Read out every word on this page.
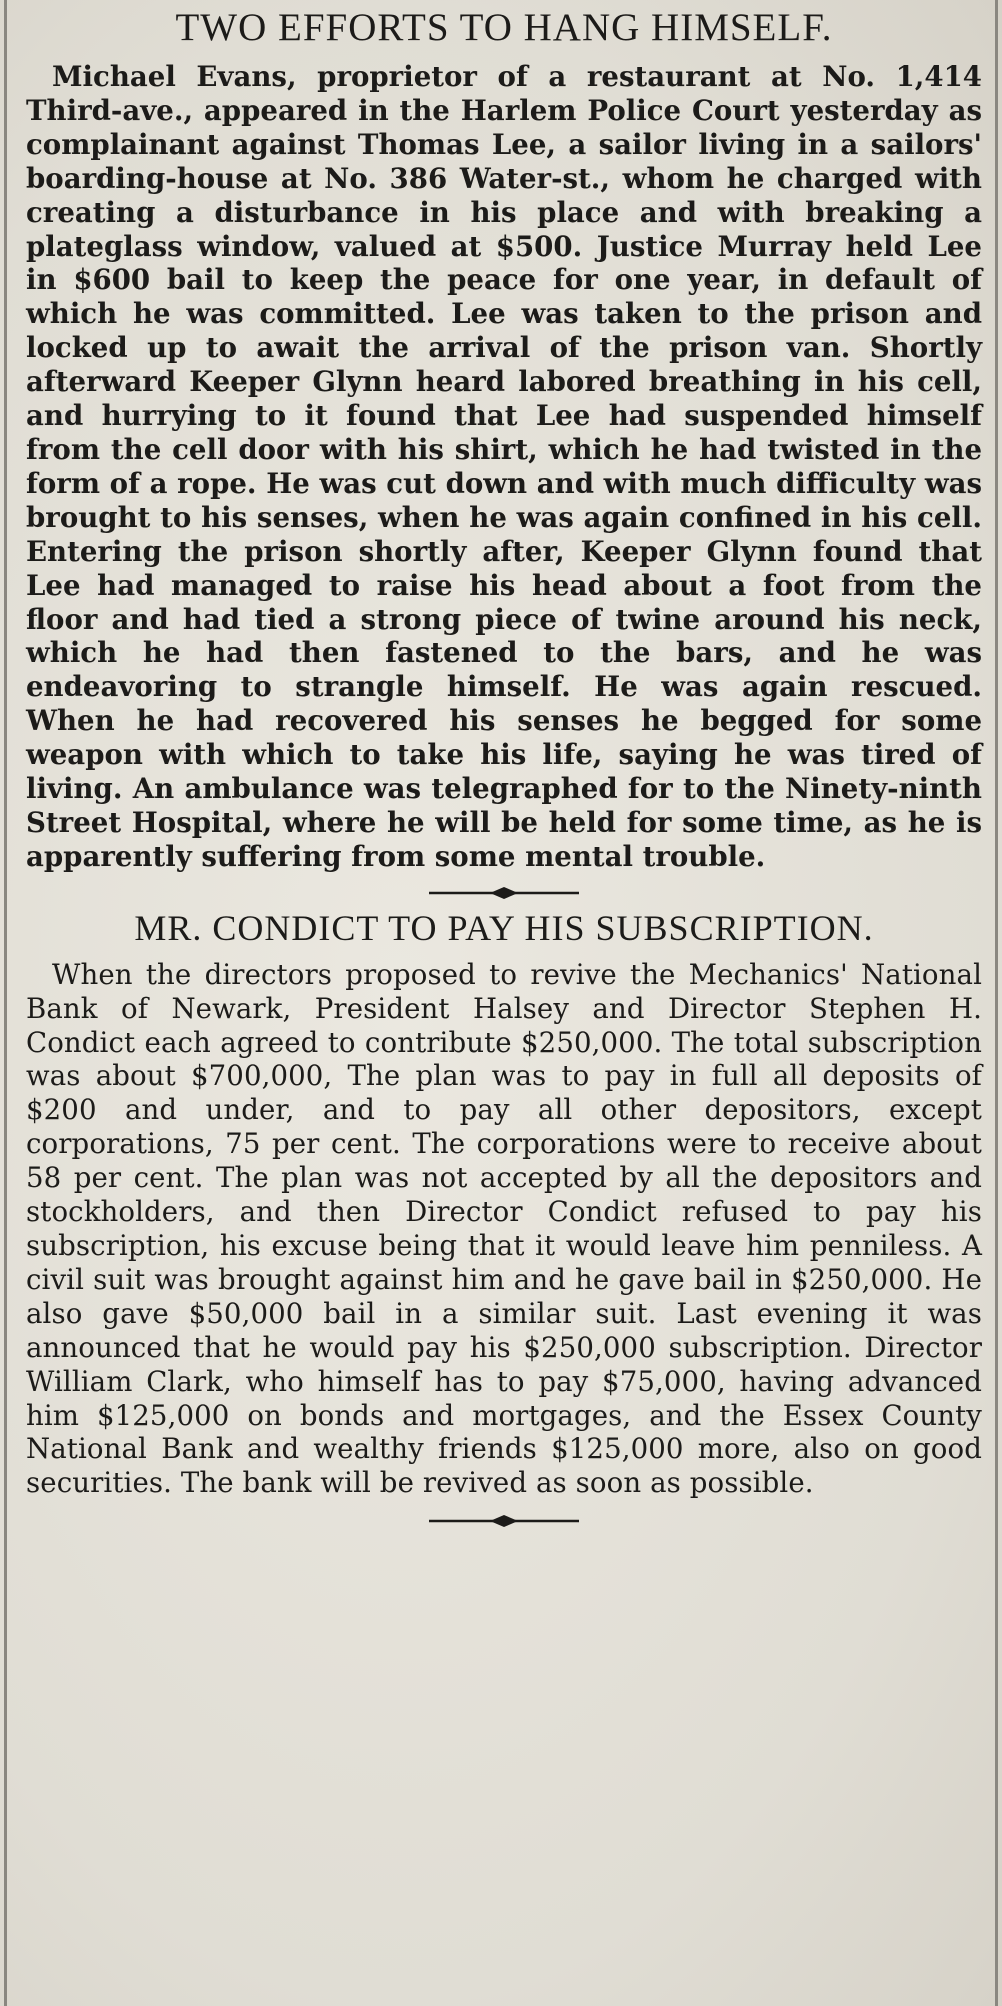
TWO EFFORTS TO HANG HIMSELF.

Michael Evans, proprietor of a restaurant at No. 1,414 Third-ave., appeared in the Harlem Police Court yesterday as complainant against Thomas Lee, a sailor living in a sailors' boarding-house at No. 386 Water-st., whom he charged with creating a disturbance in his place and with breaking a plateglass window, valued at $500. Justice Murray held Lee in $600 bail to keep the peace for one year, in default of which he was committed. Lee was taken to the prison and locked up to await the arrival of the prison van. Shortly afterward Keeper Glynn heard labored breathing in his cell, and hurrying to it found that Lee had suspended himself from the cell door with his shirt, which he had twisted in the form of a rope. He was cut down and with much difficulty was brought to his senses, when he was again confined in his cell. Entering the prison shortly after, Keeper Glynn found that Lee had managed to raise his head about a foot from the floor and had tied a strong piece of twine around his neck, which he had then fastened to the bars, and he was endeavoring to strangle himself. He was again rescued. When he had recovered his senses he begged for some weapon with which to take his life, saying he was tired of living. An ambulance was telegraphed for to the Ninety-ninth Street Hospital, where he will be held for some time, as he is apparently suffering from some mental trouble.

MR. CONDICT TO PAY HIS SUBSCRIPTION.

When the directors proposed to revive the Mechanics' National Bank of Newark, President Halsey and Director Stephen H. Condict each agreed to contribute $250,000. The total subscription was about $700,000, The plan was to pay in full all deposits of $200 and under, and to pay all other depositors, except corporations, 75 per cent. The corporations were to receive about 58 per cent. The plan was not accepted by all the depositors and stockholders, and then Director Condict refused to pay his subscription, his excuse being that it would leave him penniless. A civil suit was brought against him and he gave bail in $250,000. He also gave $50,000 bail in a similar suit. Last evening it was announced that he would pay his $250,000 subscription. Director William Clark, who himself has to pay $75,000, having advanced him $125,000 on bonds and mortgages, and the Essex County National Bank and wealthy friends $125,000 more, also on good securities. The bank will be revived as soon as possible.
